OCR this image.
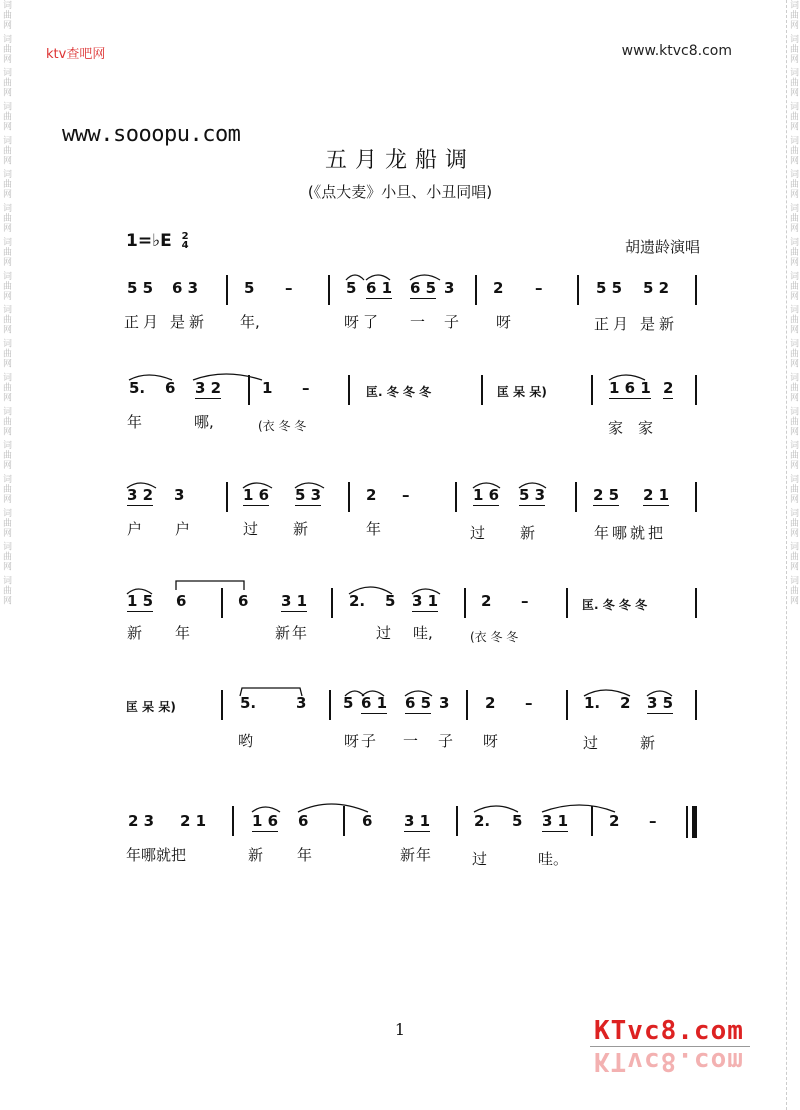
词曲网 词曲网 词曲网 词曲网 词曲网 词曲网 词曲网 词曲网 词曲网 词曲网 词曲网 词曲网 词曲网 词曲网 词曲网 词曲网 词曲网 词曲网	词曲网 词曲网 词曲网 词曲网 词曲网 词曲网 词曲网 词曲网 词曲网 词曲网 词曲网 词曲网 词曲网 词曲网 词曲网 词曲网 词曲网 词曲网
ktv查吧网	www.ktvc8.com
www.sooopu.com
五月龙船调
(《点大麦》小旦、小丑同唱)
1=♭E 2
4	胡遗龄演唱
5 5 6 3	5 –	5 6 1 6 5 3	2 –	5 5 5 2
正月 是新 年,	呀了 一 子 呀	正月 是新
5. 6 3 2	1 –	匡. 冬 冬 冬	匡 呆 呆)	1 6 1 2
年	哪,	(衣 冬 冬	家 家
3 2 3	1 6 5 3	2 –	1 6 5 3	2 5 2 1
户 户	过 新	年	过 新	年哪就把
1 5 6	6 3 1	2. 5 3 1	2 –	匡. 冬 冬 冬
新 年	新年	过 哇,	(衣 冬 冬
匡 呆 呆)	5.	3 5 6 1 6 5 3 2 –	1. 2 3 5
哟	呀子 一 子 呀	过	新
2 3 2 1	1 6 6	6 3 1	2. 5 3 1	2 –
年哪就把	新 年	新年	过	哇。
1	KTvc8.com
KTvc8.com
